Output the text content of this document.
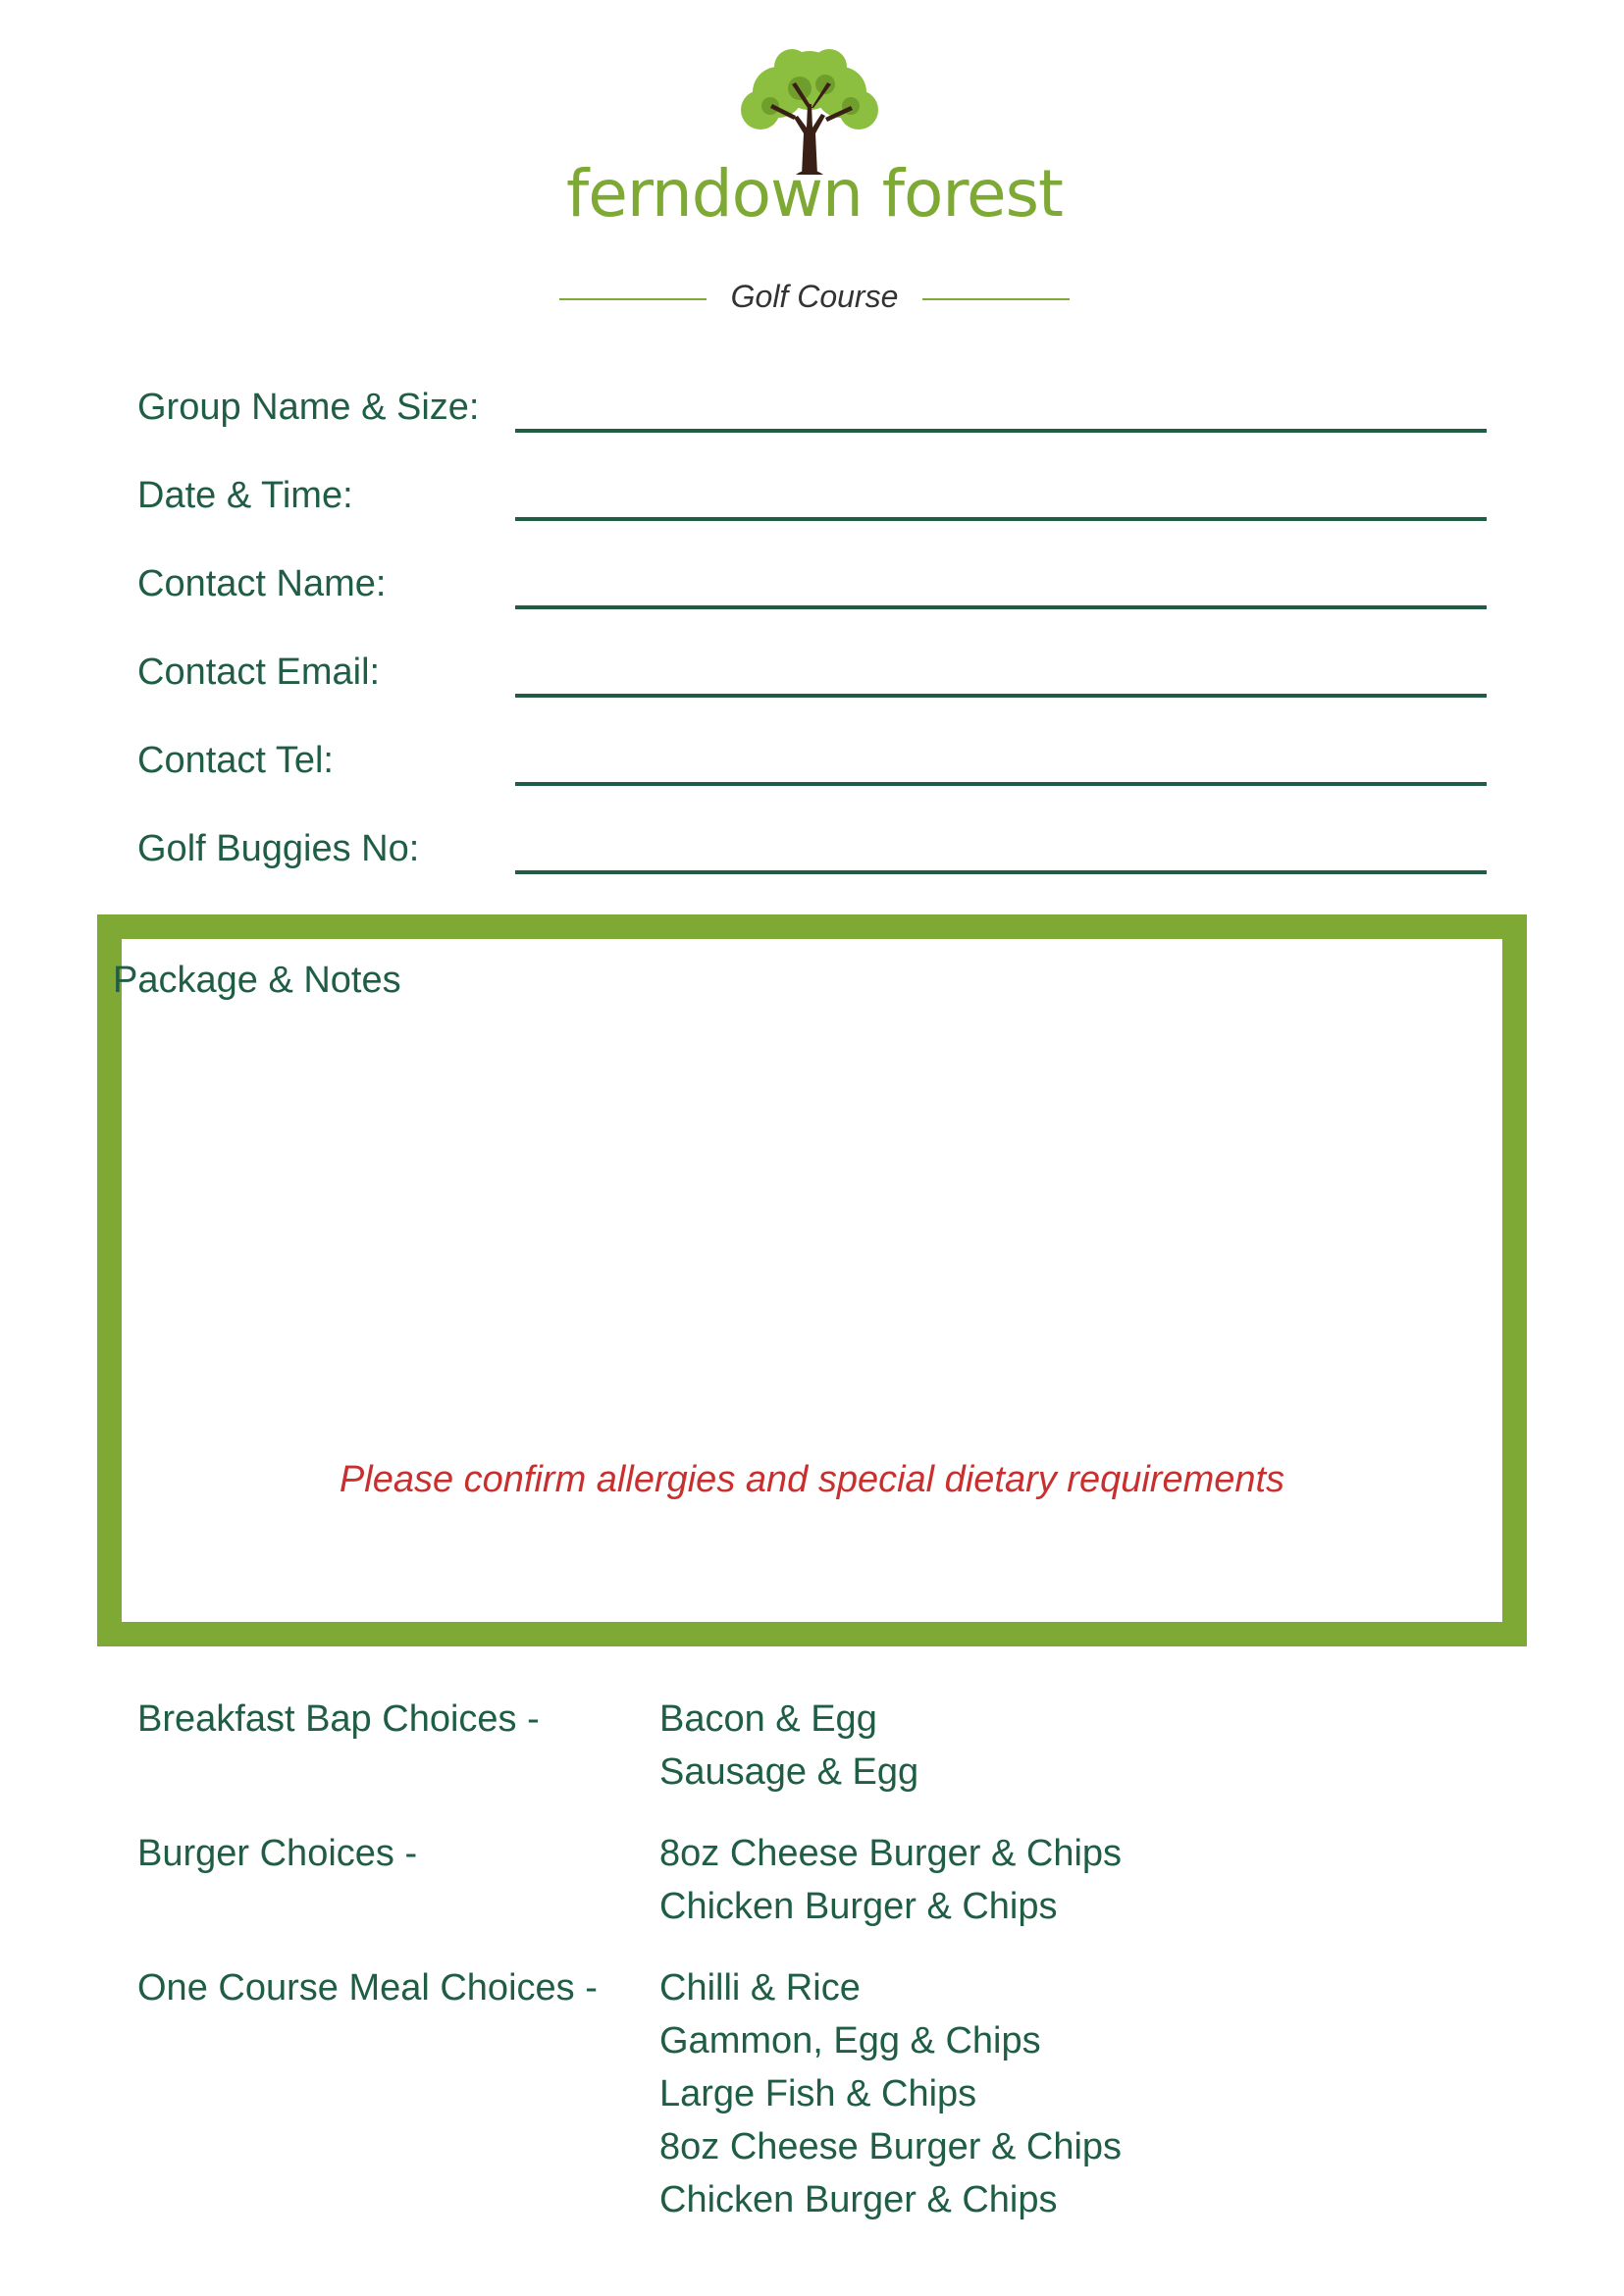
ferndown forest
Golf Course
Group Name & Size:
Date & Time:
Contact Name:
Contact Email:
Contact Tel:
Golf Buggies No:
Package & Notes
Please confirm allergies and special dietary requirements
Breakfast Bap Choices -	Bacon & Egg
Sausage & Egg
Burger Choices -	8oz Cheese Burger & Chips
Chicken Burger & Chips
One Course Meal Choices - Chilli & Rice
Gammon, Egg & Chips
Large Fish & Chips
8oz Cheese Burger & Chips
Chicken Burger & Chips
